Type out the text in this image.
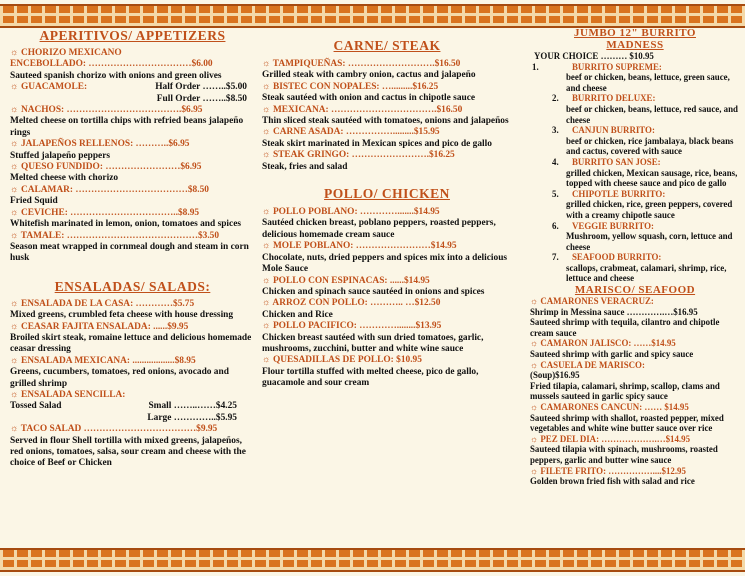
APERITIVOS/ APPETIZERS
☼ CHORIZO MEXICANO
ENCEBOLLADO: ……………………………$6.00
Sauteed spanish chorizo with onions and green olives
☼ GUACAMOLE:	Half Order ……..$5.00
Full Order ……..$8.50
☼ NACHOS: ……………………………….$6.95
Melted cheese on tortilla chips with refried beans jalapeño rings
☼ JALAPEÑOS RELLENOS: ………..$6.95
Stuffed jalapeño peppers
☼ QUESO FUNDIDO: ……………………$6.95
Melted cheese with chorizo
☼ CALAMAR: ………………………………$8.50
Fried Squid
☼ CEVICHE: ……………………………..$8.95
Whitefish marinated in lemon, onion, tomatoes and spices
☼ TAMALE: ……………………………………$3.50
Season meat wrapped in cornmeal dough and steam in corn husk
ENSALADAS/ SALADS:
☼ ENSALADA DE LA CASA: …………$5.75
Mixed greens, crumbled feta cheese with house dressing
☼ CEASAR FAJITA ENSALADA: ......$9.95
Broiled skirt steak, romaine lettuce and delicious homemade ceasar dressing
☼ ENSALADA MEXICANA: ..................$8.95
Greens, cucumbers, tomatoes, red onions, avocado and grilled shrimp
☼ ENSALADA SENCILLA:
Tossed Salad	Small ……..……$4.25
Large …………..$5.95
☼ TACO SALAD ………………………………$9.95
Served in flour Shell tortilla with mixed greens, jalapeños, red onions, tomatoes, salsa, sour cream and cheese with the choice of Beef or Chicken
CARNE/ STEAK
☼ TAMPIQUEÑAS: ……………………….$16.50
Grilled steak with cambry onion, cactus and jalapeño
☼ BISTEC CON NOPALES: ….........$16.25
Steak sautéed with onion and cactus in chipotle sauce
☼ MEXICANA: …………………………….$16.50
Thin sliced steak sautéed with tomatoes, onions and jalapeños
☼ CARNE ASADA: …………….........$15.95
Steak skirt marinated in Mexican spices and pico de gallo
☼ STEAK GRINGO: …………………….$16.25
Steak, fries and salad
POLLO/ CHICKEN
☼ POLLO POBLANO: ………….......$14.95
Sautéed chicken breast, poblano peppers, roasted peppers, delicious homemade cream sauce
☼ MOLE POBLANO: ……………………$14.95
Chocolate, nuts, dried peppers and spices mix into a delicious Mole Sauce
☼ POLLO CON ESPINACAS: ......$14.95
Chicken and spinach sauce sautéed in onions and spices
☼ ARROZ CON POLLO: ……….. …$12.50
Chicken and Rice
☼ POLLO PACIFICO: …………........$13.95
Chicken breast sautéed with sun dried tomatoes, garlic, mushrooms, zucchini, butter and white wine sauce
☼ QUESADILLAS DE POLLO: $10.95
Flour tortilla stuffed with melted cheese, pico de gallo, guacamole and sour cream
JUMBO 12" BURRITO MADNESS
YOUR CHOICE ……… $10.95
1.	BURRITO SUPREME:
beef or chicken, beans, lettuce, green sauce, and cheese
2. BURRITO DELUXE:
beef or chicken, beans, lettuce, red sauce, and cheese
3. CANJUN BURRITO:
beef or chicken, rice jambalaya, black beans and cactus, covered with sauce
4. BURRITO SAN JOSE:
grilled chicken, Mexican sausage, rice, beans, topped with cheese sauce and pico de gallo
5. CHIPOTLE BURRITO:
grilled chicken, rice, green peppers, covered with a creamy chipotle sauce
6. VEGGIE BURRITO:
Mushroom, yellow squash, corn, lettuce and cheese
7. SEAFOOD BURRITO:
scallops, crabmeat, calamari, shrimp, rice, lettuce and cheese
MARISCO/ SEAFOOD
☼ CAMARONES VERACRUZ:
Shrimp in Messina sauce ………….…$16.95
Sauteed shrimp with tequila, cilantro and chipotle cream sauce
☼ CAMARON JALISCO: ……$14.95
Sauteed shrimp with garlic and spicy sauce
☼ CASUELA DE MARISCO:
(Soup)$16.95
Fried tilapia, calamari, shrimp, scallop, clams and mussels sauteed in garlic spicy sauce
☼ CAMARONES CANCUN: …… $14.95
Sauteed shrimp with shallot, roasted pepper, mixed vegetables and white wine butter sauce over rice
☼ PEZ DEL DIA: ……………….…$14.95
Sauteed tilapia with spinach, mushrooms, roasted peppers, garlic and butter wine sauce
☼ FILETE FRITO: ……………....$12.95
Golden brown fried fish with salad and rice
